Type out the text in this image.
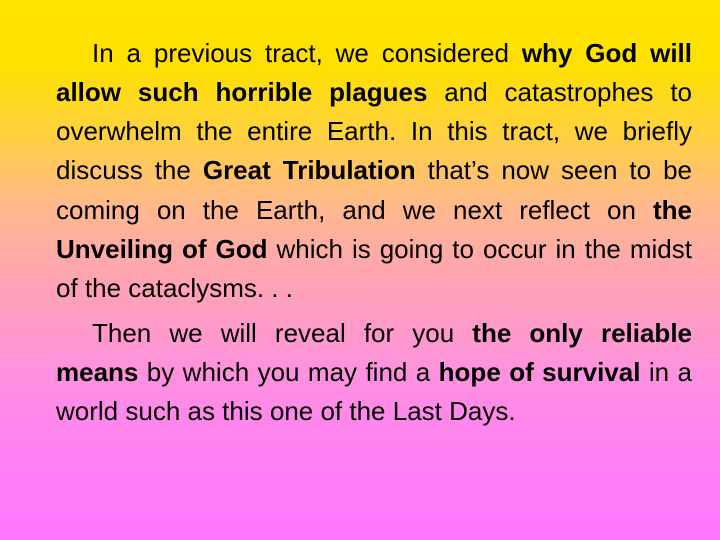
In a previous tract, we considered why God will allow such horrible plagues and catastrophes to overwhelm the entire Earth. In this tract, we briefly discuss the Great Tribulation that’s now seen to be coming on the Earth, and we next reflect on the Unveiling of God which is going to occur in the midst of the cataclysms. . .

Then we will reveal for you the only reliable means by which you may find a hope of survival in a world such as this one of the Last Days.
